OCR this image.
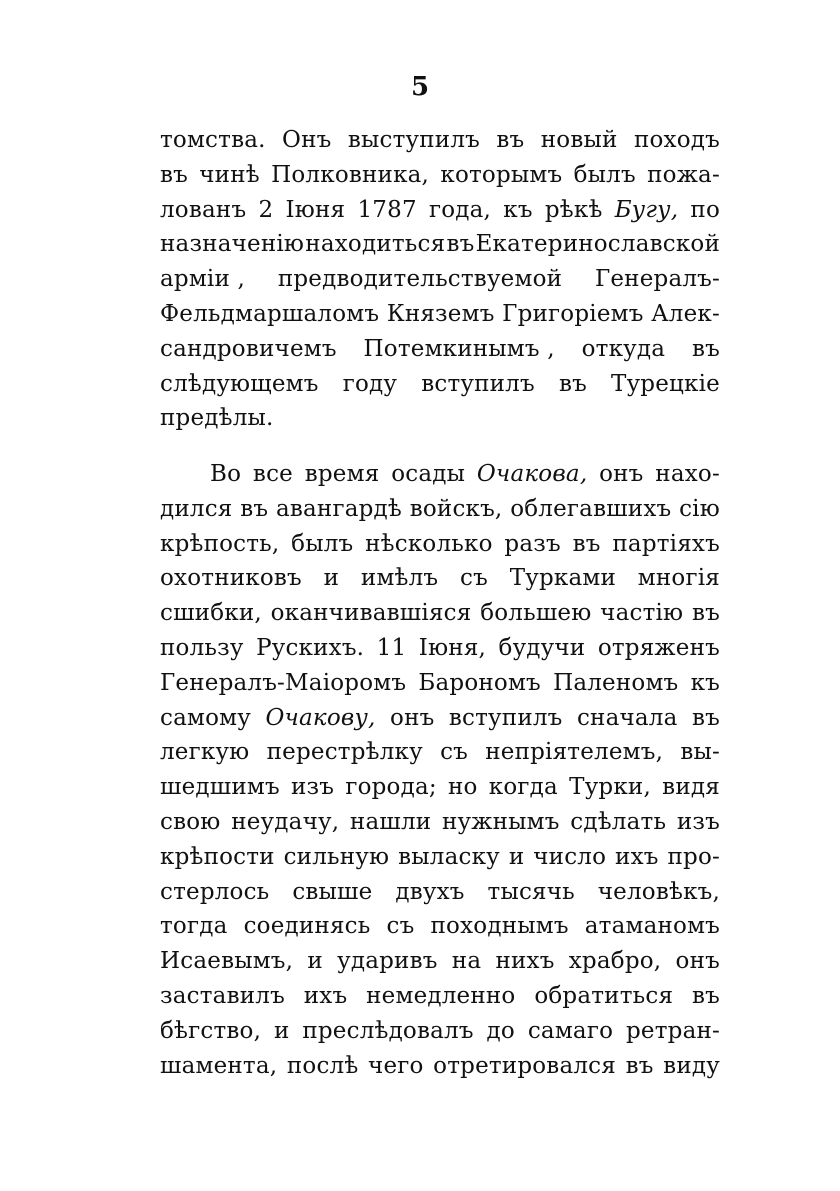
5
томства. Онъ выступилъ въ новый походъ
въ чинѣ Полковника, которымъ былъ пожа-
лованъ 2 Іюня 1787 года, къ рѣкѣ Бугу, по
назначенію находиться въ Екатеринославской
арміи , предводительствуемой Генералъ-
Фельдмаршаломъ Княземъ Григоріемъ Алек-
сандровичемъ Потемкинымъ , откуда въ
слѣдующемъ году вступилъ въ Турецкіе
предѣлы.
Во все время осады Очакова, онъ нахо-
дился въ авангардѣ войскъ, облегавшихъ сію
крѣпость, былъ нѣсколько разъ въ партіяхъ
охотниковъ и имѣлъ съ Турками многія
сшибки, оканчивавшіяся большею частію въ
пользу Рускихъ. 11 Іюня, будучи отряженъ
Генералъ-Маіоромъ Барономъ Паленомъ къ
самому Очакову, онъ вступилъ сначала въ
легкую перестрѣлку съ непріятелемъ, вы-
шедшимъ изъ города; но когда Турки, видя
свою неудачу, нашли нужнымъ сдѣлать изъ
крѣпости сильную выласку и число ихъ про-
стерлось свыше двухъ тысячь человѣкъ,
тогда соединясь съ походнымъ атаманомъ
Исаевымъ, и ударивъ на нихъ храбро, онъ
заставилъ ихъ немедленно обратиться въ
бѣгство, и преслѣдовалъ до самаго ретран-
шамента, послѣ чего отретировался въ виду
